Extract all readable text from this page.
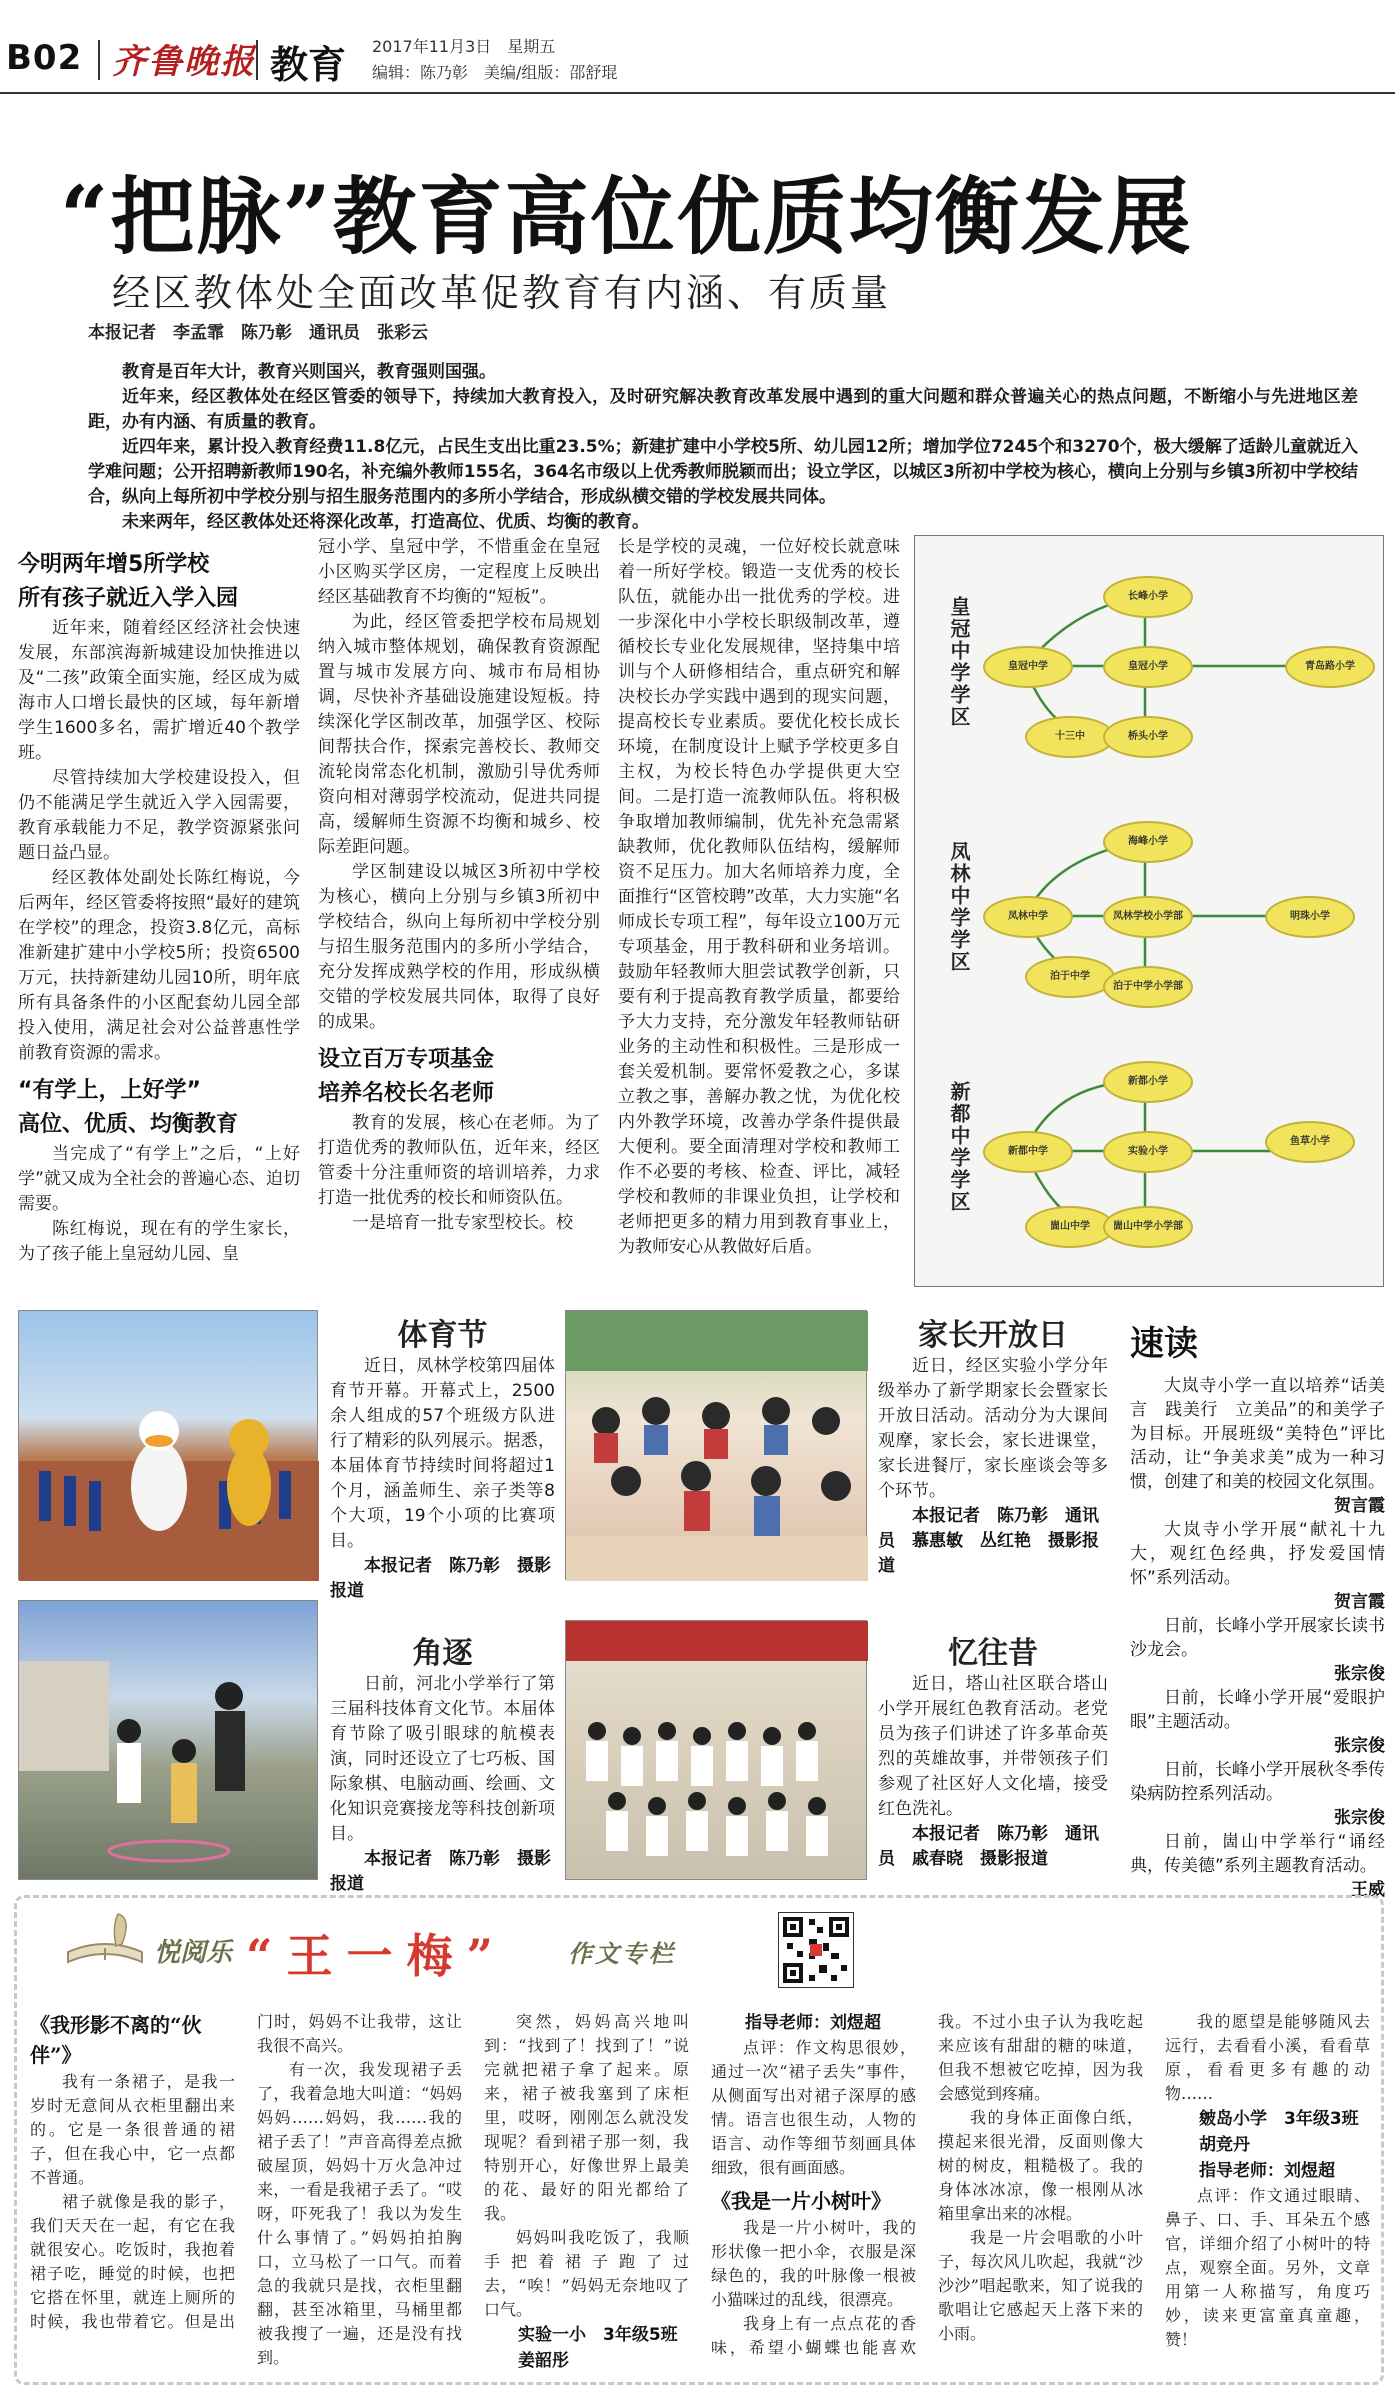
B02 齐鲁晚报 教育 2017年11月3日　星期五
编辑：陈乃彰　美编/组版：邵舒琨
“把脉”教育高位优质均衡发展
经区教体处全面改革促教育有内涵、有质量
本报记者　李孟霏　陈乃彰　通讯员　张彩云

教育是百年大计，教育兴则国兴，教育强则国强。

近年来，经区教体处在经区管委的领导下，持续加大教育投入，及时研究解决教育改革发展中遇到的重大问题和群众普遍关心的热点问题，不断缩小与先进地区差距，办有内涵、有质量的教育。

近四年来，累计投入教育经费11.8亿元，占民生支出比重23.5%；新建扩建中小学校5所、幼儿园12所；增加学位7245个和3270个，极大缓解了适龄儿童就近入学难问题；公开招聘新教师190名，补充编外教师155名，364名市级以上优秀教师脱颖而出；设立学区，以城区3所初中学校为核心，横向上分别与乡镇3所初中学校结合，纵向上每所初中学校分别与招生服务范围内的多所小学结合，形成纵横交错的学校发展共同体。

未来两年，经区教体处还将深化改革，打造高位、优质、均衡的教育。

今明两年增5所学校
所有孩子就近入学入园

近年来，随着经区经济社会快速发展，东部滨海新城建设加快推进以及“二孩”政策全面实施，经区成为威海市人口增长最快的区域，每年新增学生1600多名，需扩增近40个教学班。

尽管持续加大学校建设投入，但仍不能满足学生就近入学入园需要，教育承载能力不足，教学资源紧张问题日益凸显。

经区教体处副处长陈红梅说，今后两年，经区管委将按照“最好的建筑在学校”的理念，投资3.8亿元，高标准新建扩建中小学校5所；投资6500万元，扶持新建幼儿园10所，明年底所有具备条件的小区配套幼儿园全部投入使用，满足社会对公益普惠性学前教育资源的需求。

“有学上，上好学”
高位、优质、均衡教育

当完成了“有学上”之后，“上好学”就又成为全社会的普遍心态、迫切需要。

陈红梅说，现在有的学生家长，为了孩子能上皇冠幼儿园、皇

冠小学、皇冠中学，不惜重金在皇冠小区购买学区房，一定程度上反映出经区基础教育不均衡的“短板”。

为此，经区管委把学校布局规划纳入城市整体规划，确保教育资源配置与城市发展方向、城市布局相协调，尽快补齐基础设施建设短板。持续深化学区制改革，加强学区、校际间帮扶合作，探索完善校长、教师交流轮岗常态化机制，激励引导优秀师资向相对薄弱学校流动，促进共同提高，缓解师生资源不均衡和城乡、校际差距问题。

学区制建设以城区3所初中学校为核心，横向上分别与乡镇3所初中学校结合，纵向上每所初中学校分别与招生服务范围内的多所小学结合，充分发挥成熟学校的作用，形成纵横交错的学校发展共同体，取得了良好的成果。

设立百万专项基金
培养名校长名老师

教育的发展，核心在老师。为了打造优秀的教师队伍，近年来，经区管委十分注重师资的培训培养，力求打造一批优秀的校长和师资队伍。

一是培育一批专家型校长。校

长是学校的灵魂，一位好校长就意味着一所好学校。锻造一支优秀的校长队伍，就能办出一批优秀的学校。进一步深化中小学校长职级制改革，遵循校长专业化发展规律，坚持集中培训与个人研修相结合，重点研究和解决校长办学实践中遇到的现实问题，提高校长专业素质。要优化校长成长环境，在制度设计上赋予学校更多自主权，为校长特色办学提供更大空间。二是打造一流教师队伍。将积极争取增加教师编制，优先补充急需紧缺教师，优化教师队伍结构，缓解师资不足压力。加大名师培养力度，全面推行“区管校聘”改革，大力实施“名师成长专项工程”，每年设立100万元专项基金，用于教科研和业务培训。鼓励年轻教师大胆尝试教学创新，只要有利于提高教育教学质量，都要给予大力支持，充分激发年轻教师钻研业务的主动性和积极性。三是形成一套关爱机制。要常怀爱教之心，多谋立教之事，善解办教之忧，为优化校内外教学环境，改善办学条件提供最大便利。要全面清理对学校和教师工作不必要的考核、检查、评比，减轻学校和教师的非课业负担，让学校和老师把更多的精力用到教育事业上，为教师安心从教做好后盾。

皇冠中学学区	长峰小学
皇冠中学	皇冠小学	青岛路小学
十三中	桥头小学
凤林中学学区	海峰小学
凤林中学	凤林学校小学部	明珠小学
泊于中学
泊于中学小学部
新都中学学区	新都小学
新都中学	实验小学
鱼草小学
崮山中学	崮山中学小学部
体育节

近日，凤林学校第四届体育节开幕。开幕式上，2500余人组成的57个班级方队进行了精彩的队列展示。据悉，本届体育节持续时间将超过1个月，涵盖师生、亲子类等8个大项，19个小项的比赛项目。

本报记者　陈乃彰　摄影报道

家长开放日

近日，经区实验小学分年级举办了新学期家长会暨家长开放日活动。活动分为大课间观摩，家长会，家长进课堂，家长进餐厅，家长座谈会等多个环节。

本报记者　陈乃彰　通讯员　慕惠敏　丛红艳　摄影报道

角逐

日前，河北小学举行了第三届科技体育文化节。本届体育节除了吸引眼球的航模表演，同时还设立了七巧板、国际象棋、电脑动画、绘画、文化知识竞赛接龙等科技创新项目。

本报记者　陈乃彰　摄影报道

忆往昔

近日，塔山社区联合塔山小学开展红色教育活动。老党员为孩子们讲述了许多革命英烈的英雄故事，并带领孩子们参观了社区好人文化墙，接受红色洗礼。

本报记者　陈乃彰　通讯员　戚春晓　摄影报道

速读

大岚寺小学一直以培养“话美言　践美行　立美品”的和美学子为目标。开展班级“美特色”评比活动，让“争美求美”成为一种习惯，创建了和美的校园文化氛围。

贺言霞

大岚寺小学开展“献礼十九大，观红色经典，抒发爱国情怀”系列活动。

贺言霞

日前，长峰小学开展家长读书沙龙会。

张宗俊

日前，长峰小学开展“爱眼护眼”主题活动。

张宗俊

日前，长峰小学开展秋冬季传染病防控系列活动。

张宗俊

日前，崮山中学举行“诵经典，传美德”系列主题教育活动。

王威

悦阅乐 “王一梅”	作文专栏
《我形影不离的“伙伴”》

我有一条裙子，是我一岁时无意间从衣柜里翻出来的。它是一条很普通的裙子，但在我心中，它一点都不普通。

裙子就像是我的影子，我们天天在一起，有它在我就很安心。吃饭时，我抱着裙子吃，睡觉的时候，也把它搭在怀里，就连上厕所的时候，我也带着它。但是出门时，妈妈不让我带，这让我很不高兴。

有一次，我发现裙子丢了，我着急地大叫道：“妈妈妈妈……妈妈，我……我的裙子丢了！”声音高得差点掀破屋顶，妈妈十万火急冲过来，一看是我裙子丢了。“哎呀，吓死我了！我以为发生什么事情了。”妈妈拍拍胸口，立马松了一口气。而着急的我就只是找，衣柜里翻翻，甚至冰箱里，马桶里都被我搜了一遍，还是没有找到。

突然，妈妈高兴地叫到：“找到了！找到了！”说完就把裙子拿了起来。原来，裙子被我塞到了床柜里，哎呀，刚刚怎么就没发现呢？看到裙子那一刻，我特别开心，好像世界上最美的花、最好的阳光都给了我。

妈妈叫我吃饭了，我顺手把着裙子跑了过去，“唉！”妈妈无奈地叹了口气。

实验一小　3年级5班　姜韶彤

指导老师：刘煜超

点评：作文构思很妙，通过一次“裙子丢失”事件，从侧面写出对裙子深厚的感情。语言也很生动，人物的语言、动作等细节刻画具体细致，很有画面感。

《我是一片小树叶》

我是一片小树叶，我的形状像一把小伞，衣服是深绿色的，我的叶脉像一根被小猫咪过的乱线，很漂亮。

我身上有一点点花的香味，希望小蝴蝶也能喜欢我。不过小虫子认为我吃起来应该有甜甜的糖的味道，但我不想被它吃掉，因为我会感觉到疼痛。

我的身体正面像白纸，摸起来很光滑，反面则像大树的树皮，粗糙极了。我的身体冰冰凉，像一根刚从冰箱里拿出来的冰棍。

我是一片会唱歌的小叶子，每次风儿吹起，我就“沙沙沙”唱起歌来，知了说我的歌唱让它感起天上落下来的小雨。

我的愿望是能够随风去远行，去看看小溪，看看草原，看看更多有趣的动物……

皴岛小学　3年级3班　胡竞丹

指导老师：刘煜超

点评：作文通过眼睛、鼻子、口、手、耳朵五个感官，详细介绍了小树叶的特点，观察全面。另外，文章用第一人称描写，角度巧妙，读来更富童真童趣，赞！
